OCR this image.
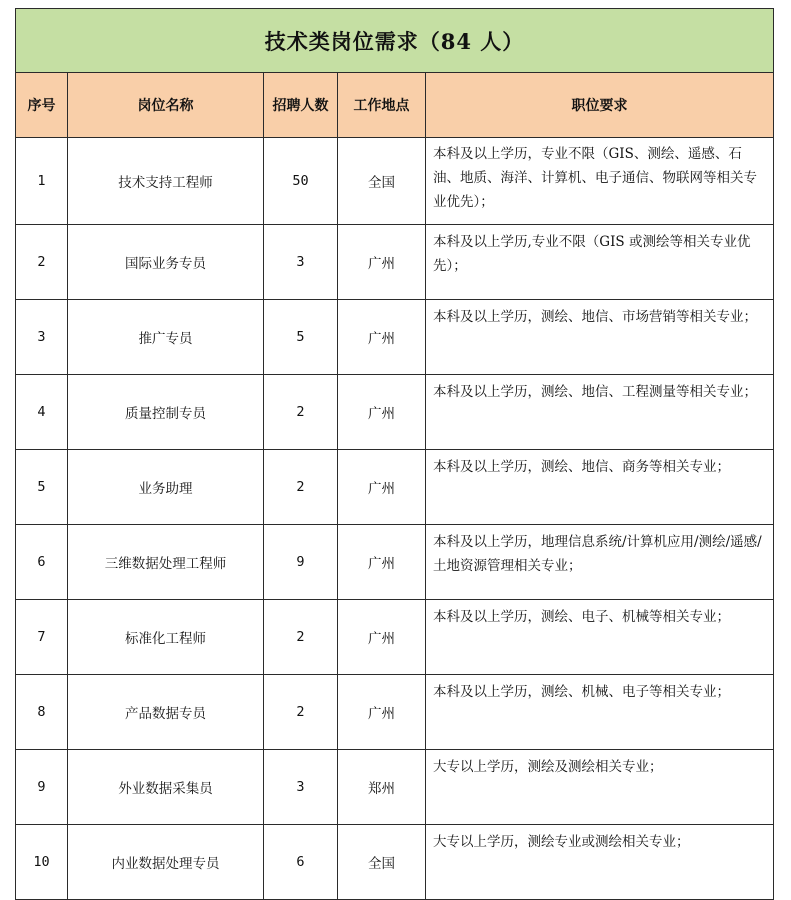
技术类岗位需求（84 人）				
序号	岗位名称	招聘人数	工作地点	职位要求
1	技术支持工程师	50	全国	本科及以上学历，专业不限（GIS、测绘、遥感、石油、地质、海洋、计算机、电子通信、物联网等相关专业优先）；
2	国际业务专员	3	广州	本科及以上学历,专业不限（GIS 或测绘等相关专业优先）；
3	推广专员	5	广州	本科及以上学历，测绘、地信、市场营销等相关专业；
4	质量控制专员	2	广州	本科及以上学历，测绘、地信、工程测量等相关专业；
5	业务助理	2	广州	本科及以上学历，测绘、地信、商务等相关专业；
6	三维数据处理工程师	9	广州	本科及以上学历，地理信息系统/计算机应用/测绘/遥感/土地资源管理相关专业；
7	标准化工程师	2	广州	本科及以上学历，测绘、电子、机械等相关专业；
8	产品数据专员	2	广州	本科及以上学历，测绘、机械、电子等相关专业；
9	外业数据采集员	3	郑州	大专以上学历，测绘及测绘相关专业；
10	内业数据处理专员	6	全国	大专以上学历，测绘专业或测绘相关专业；
